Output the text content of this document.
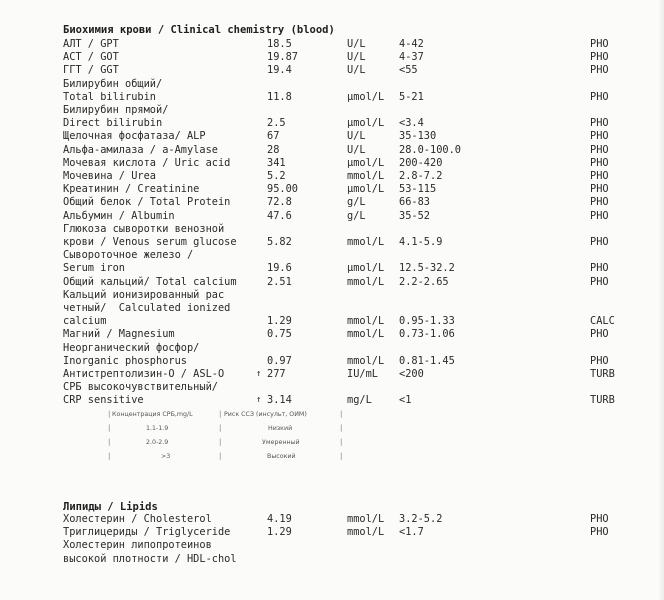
Биохимия крови / Clinical chemistry (blood)
АЛТ / GPT	18.5	U/L	4-42	PHO
АСТ / GOT	19.87	U/L	4-37	PHO
ГГТ / GGT	19.4	U/L	<55	PHO
Билирубин общий/
Total bilirubin	11.8	µmol/L 5-21	PHO
Билирубин прямой/
Direct bilirubin	2.5	µmol/L <3.4	PHO
Щелочная фосфатаза/ ALP	67	U/L	35-130	PHO
Альфа-амилаза / a-Amylase	28	U/L	28.0-100.0	PHO
Мочевая кислота / Uric acid	341	µmol/L 200-420	PHO
Мочевина / Urea	5.2	mmol/L 2.8-7.2	PHO
Креатинин / Creatinine	95.00	µmol/L 53-115	PHO
Общий белок / Total Protein	72.8	g/L	66-83	PHO
Альбумин / Albumin	47.6	g/L	35-52	PHO
Глюкоза сыворотки венозной
крови / Venous serum glucose	5.82	mmol/L 4.1-5.9	PHO
Сывороточное железо /
Serum iron	19.6	µmol/L 12.5-32.2	PHO
Общий кальций/ Total calcium	2.51	mmol/L 2.2-2.65	PHO
Кальций ионизированный рас
четный/  Calculated ionized
calcium	1.29	mmol/L 0.95-1.33	CALC
Магний / Magnesium	0.75	mmol/L 0.73-1.06	PHO
Неорганический фосфор/
Inorganic phosphorus	0.97	mmol/L 0.81-1.45	PHO
Антистрептолизин-О / ASL-O	↑ 277	IU/mL <200	TURB
СРБ высокочувствительный/
CRP sensitive	↑ 3.14	mg/L	<1	TURB
| Концентрация СРБ,mg/L	| Риск ССЗ (инсульт, ОИМ)	|
|	1.1-1.9	|	Низкий	|
|	2.0-2.9	|	Умеренный	|
|	>3	|	Высокий	|
Липиды / Lipids
Холестерин / Cholesterol	4.19	mmol/L 3.2-5.2	PHO
Триглицериды / Triglyceride	1.29	mmol/L <1.7	PHO
Холестерин липопротеинов
высокой плотности / HDL-chol
